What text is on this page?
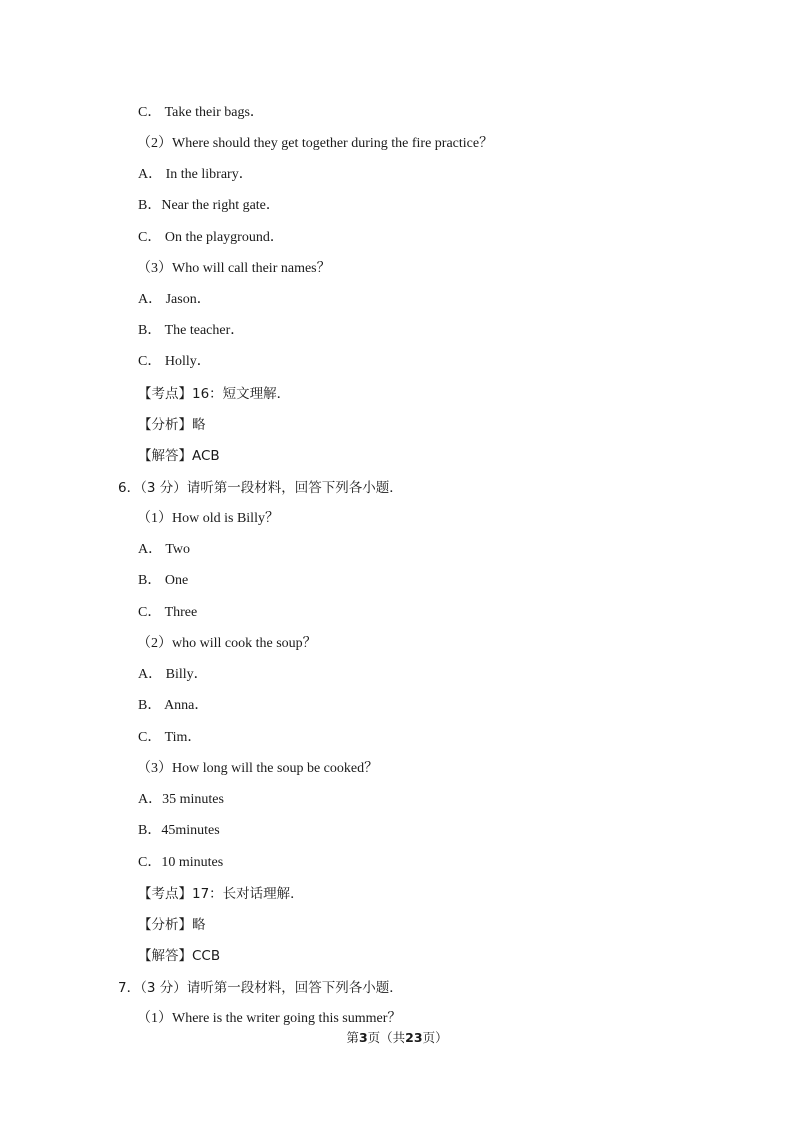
C． Take their bags．
（2）Where should they get together during the fire practice？
A． In the library．
B．Near the right gate．
C． On the playground．
（3）Who will call their names？
A． Jason．
B． The teacher．
C． Holly．
【考点】16：短文理解．
【分析】略
【解答】ACB
6．（3 分）请听第一段材料，回答下列各小题．
（1）How old is Billy？
A． Two
B． One
C． Three
（2）who will cook the soup？
A． Billy．
B． Anna．
C． Tim．
（3）How long will the soup be cooked？
A．35 minutes
B．45minutes
C．10 minutes
【考点】17：长对话理解．
【分析】略
【解答】CCB
7．（3 分）请听第一段材料，回答下列各小题．
（1）Where is the writer going this summer？
第3页（共23页）
